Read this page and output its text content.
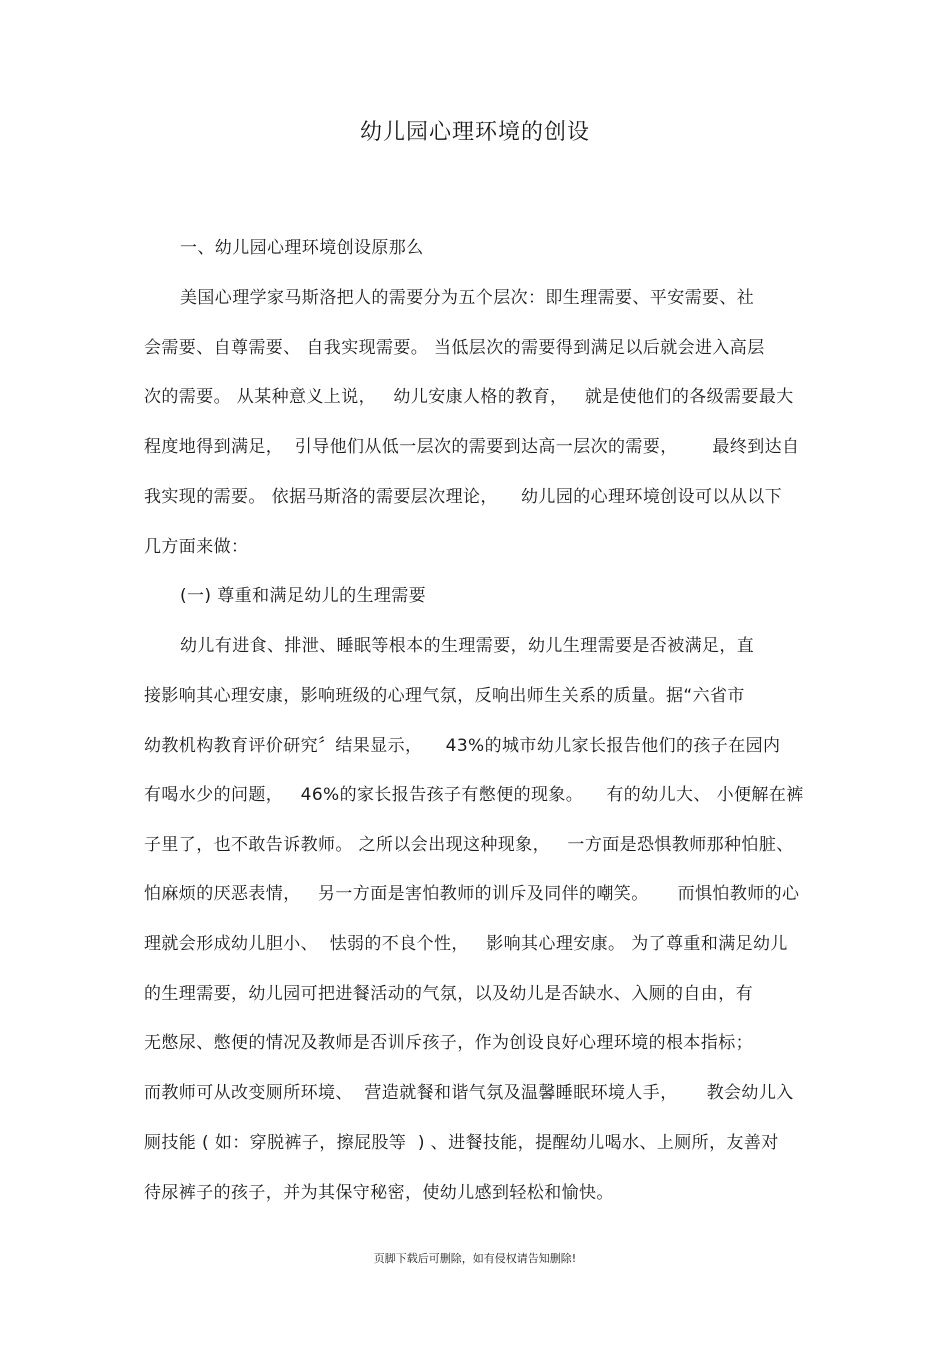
幼儿园心理环境的创设
一、幼儿园心理环境创设原那么
美国心理学家马斯洛把人的需要分为五个层次：即生理需要、平安需要、社
会需要、自尊需要、 自我实现需要。 当低层次的需要得到满足以后就会进入高层
次的需要。 从某种意义上说，   幼儿安康人格的教育，   就是使他们的各级需要最大
程度地得到满足，  引导他们从低一层次的需要到达高一层次的需要，      最终到达自
我实现的需要。 依据马斯洛的需要层次理论，    幼儿园的心理环境创设可以从以下
几方面来做：
(一) 尊重和满足幼儿的生理需要
幼儿有进食、排泄、睡眠等根本的生理需要，幼儿生理需要是否被满足，直
接影响其心理安康，影响班级的心理气氛，反响出师生关系的质量。据“六省市
幼教机构教育评价研究〞结果显示，    43%的城市幼儿家长报告他们的孩子在园内
有喝水少的问题，   46%的家长报告孩子有憋便的现象。    有的幼儿大、 小便解在裤
子里了，也不敢告诉教师。 之所以会出现这种现象，   一方面是恐惧教师那种怕脏、
怕麻烦的厌恶表情，   另一方面是害怕教师的训斥及同伴的嘲笑。     而惧怕教师的心
理就会形成幼儿胆小、  怯弱的不良个性，   影响其心理安康。 为了尊重和满足幼儿
的生理需要，幼儿园可把进餐活动的气氛，以及幼儿是否缺水、入厕的自由，有
无憋尿、憋便的情况及教师是否训斥孩子，作为创设良好心理环境的根本指标；
而教师可从改变厕所环境、  营造就餐和谐气氛及温馨睡眠环境人手，     教会幼儿入
厕技能 ( 如：穿脱裤子，擦屁股等  ) 、进餐技能，提醒幼儿喝水、上厕所，友善对
待尿裤子的孩子，并为其保守秘密，使幼儿感到轻松和愉快。
页脚下载后可删除，如有侵权请告知删除!
